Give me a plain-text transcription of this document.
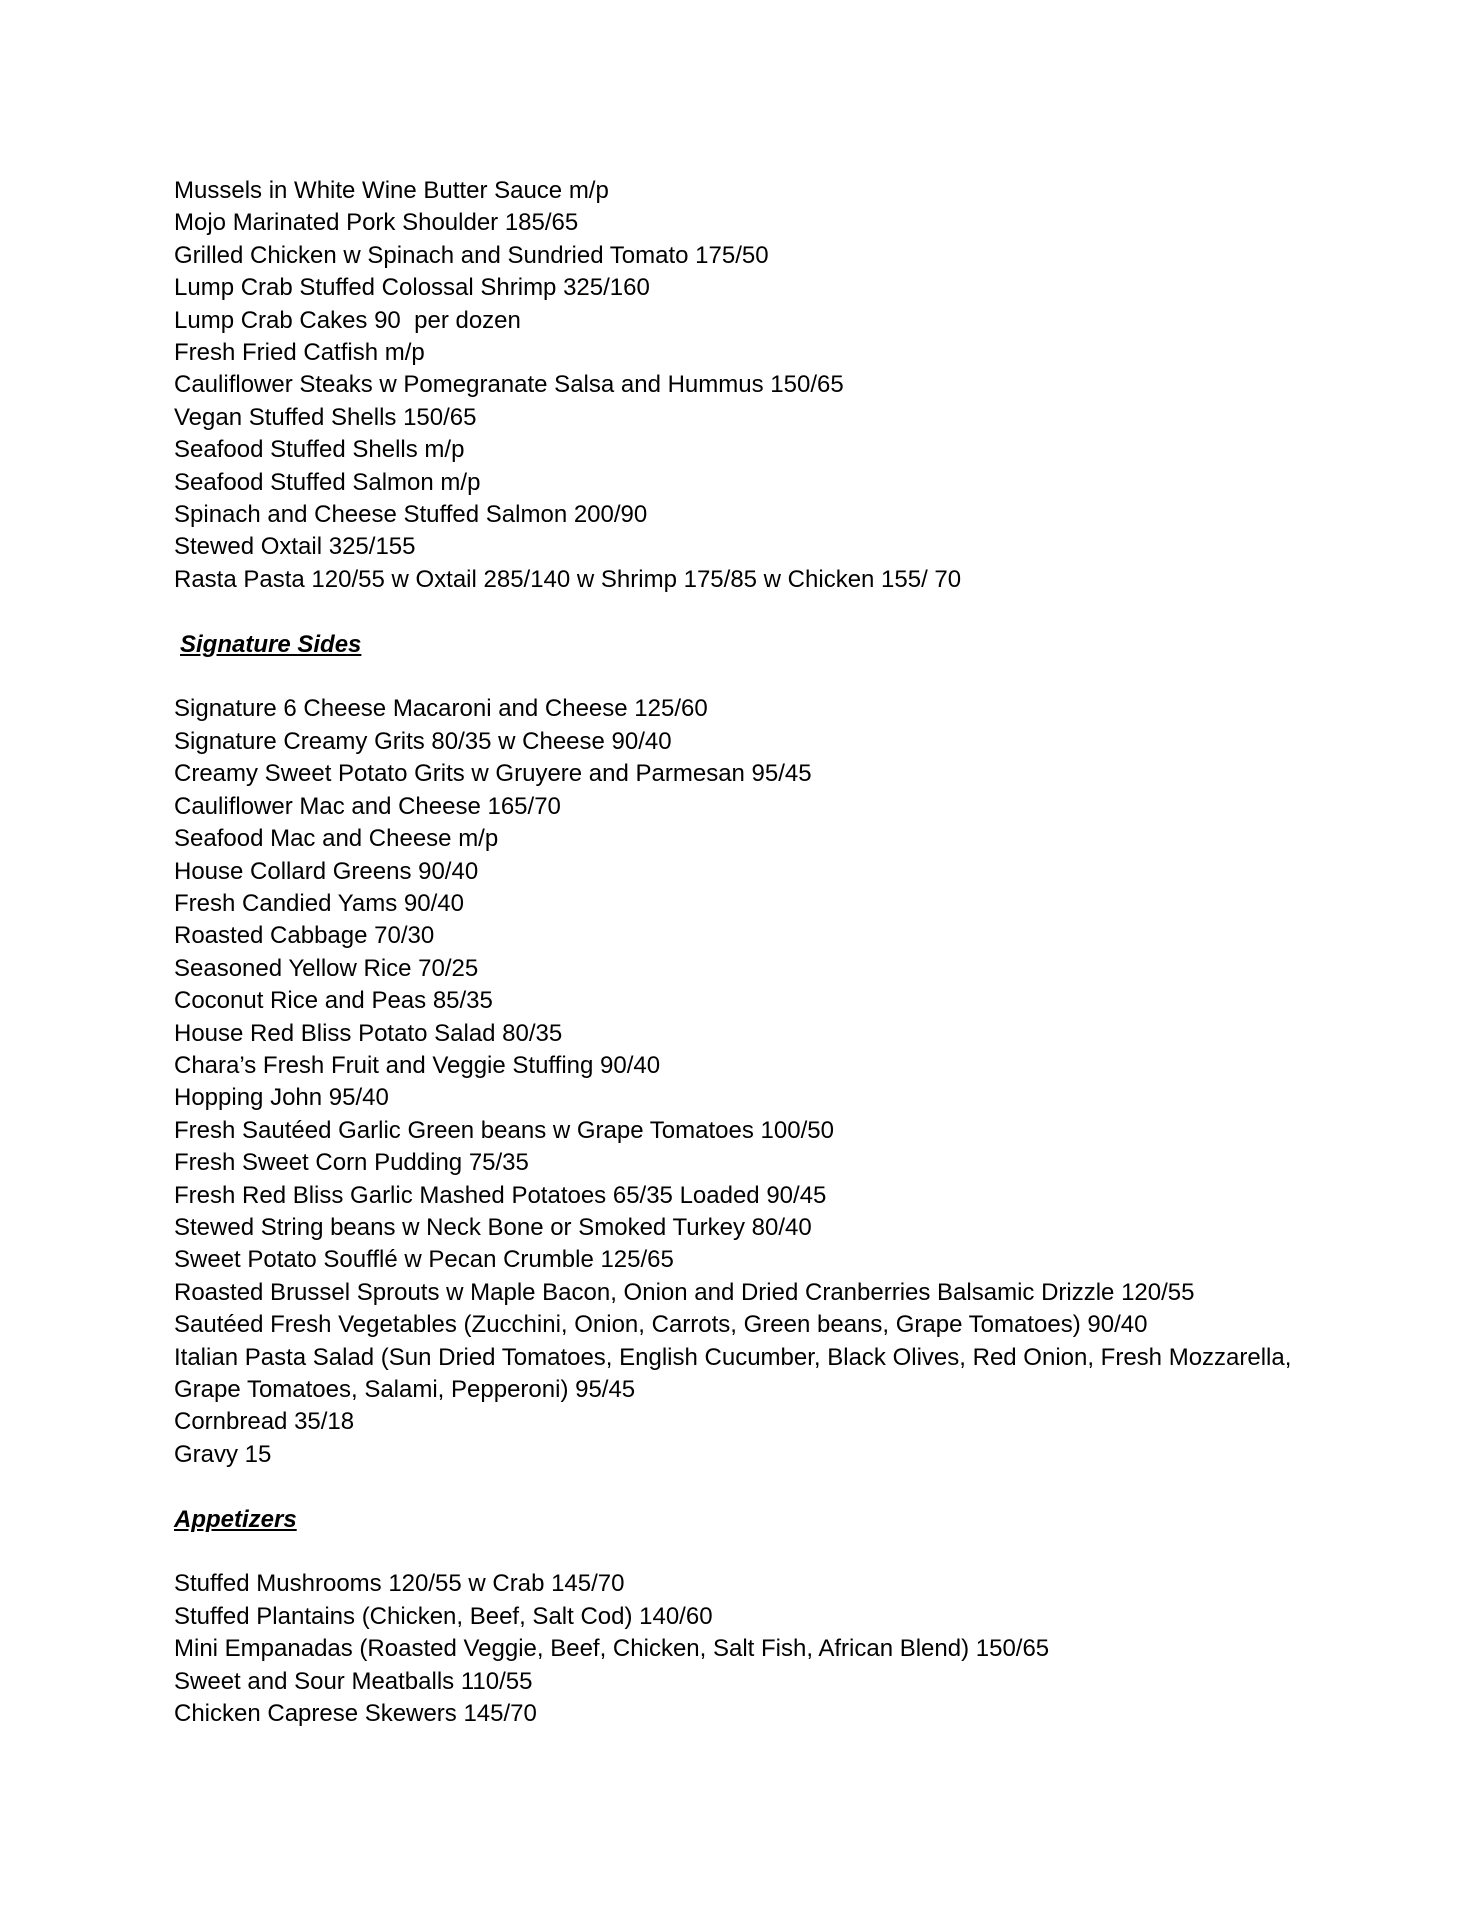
Mussels in White Wine Butter Sauce m/p

Mojo Marinated Pork Shoulder 185/65

Grilled Chicken w Spinach and Sundried Tomato 175/50

Lump Crab Stuffed Colossal Shrimp 325/160

Lump Crab Cakes 90  per dozen

Fresh Fried Catfish m/p

Cauliflower Steaks w Pomegranate Salsa and Hummus 150/65

Vegan Stuffed Shells 150/65

Seafood Stuffed Shells m/p

Seafood Stuffed Salmon m/p

Spinach and Cheese Stuffed Salmon 200/90

Stewed Oxtail 325/155

Rasta Pasta 120/55 w Oxtail 285/140 w Shrimp 175/85 w Chicken 155/ 70

Signature Sides

Signature 6 Cheese Macaroni and Cheese 125/60

Signature Creamy Grits 80/35 w Cheese 90/40

Creamy Sweet Potato Grits w Gruyere and Parmesan 95/45

Cauliflower Mac and Cheese 165/70

Seafood Mac and Cheese m/p

House Collard Greens 90/40

Fresh Candied Yams 90/40

Roasted Cabbage 70/30

Seasoned Yellow Rice 70/25

Coconut Rice and Peas 85/35

House Red Bliss Potato Salad 80/35

Chara’s Fresh Fruit and Veggie Stuffing 90/40

Hopping John 95/40

Fresh Sautéed Garlic Green beans w Grape Tomatoes 100/50

Fresh Sweet Corn Pudding 75/35

Fresh Red Bliss Garlic Mashed Potatoes 65/35 Loaded 90/45

Stewed String beans w Neck Bone or Smoked Turkey 80/40

Sweet Potato Soufflé w Pecan Crumble 125/65

Roasted Brussel Sprouts w Maple Bacon, Onion and Dried Cranberries Balsamic Drizzle 120/55

Sautéed Fresh Vegetables (Zucchini, Onion, Carrots, Green beans, Grape Tomatoes) 90/40

Italian Pasta Salad (Sun Dried Tomatoes, English Cucumber, Black Olives, Red Onion, Fresh Mozzarella,

Grape Tomatoes, Salami, Pepperoni) 95/45

Cornbread 35/18

Gravy 15

Appetizers

Stuffed Mushrooms 120/55 w Crab 145/70

Stuffed Plantains (Chicken, Beef, Salt Cod) 140/60

Mini Empanadas (Roasted Veggie, Beef, Chicken, Salt Fish, African Blend) 150/65

Sweet and Sour Meatballs 110/55

Chicken Caprese Skewers 145/70
